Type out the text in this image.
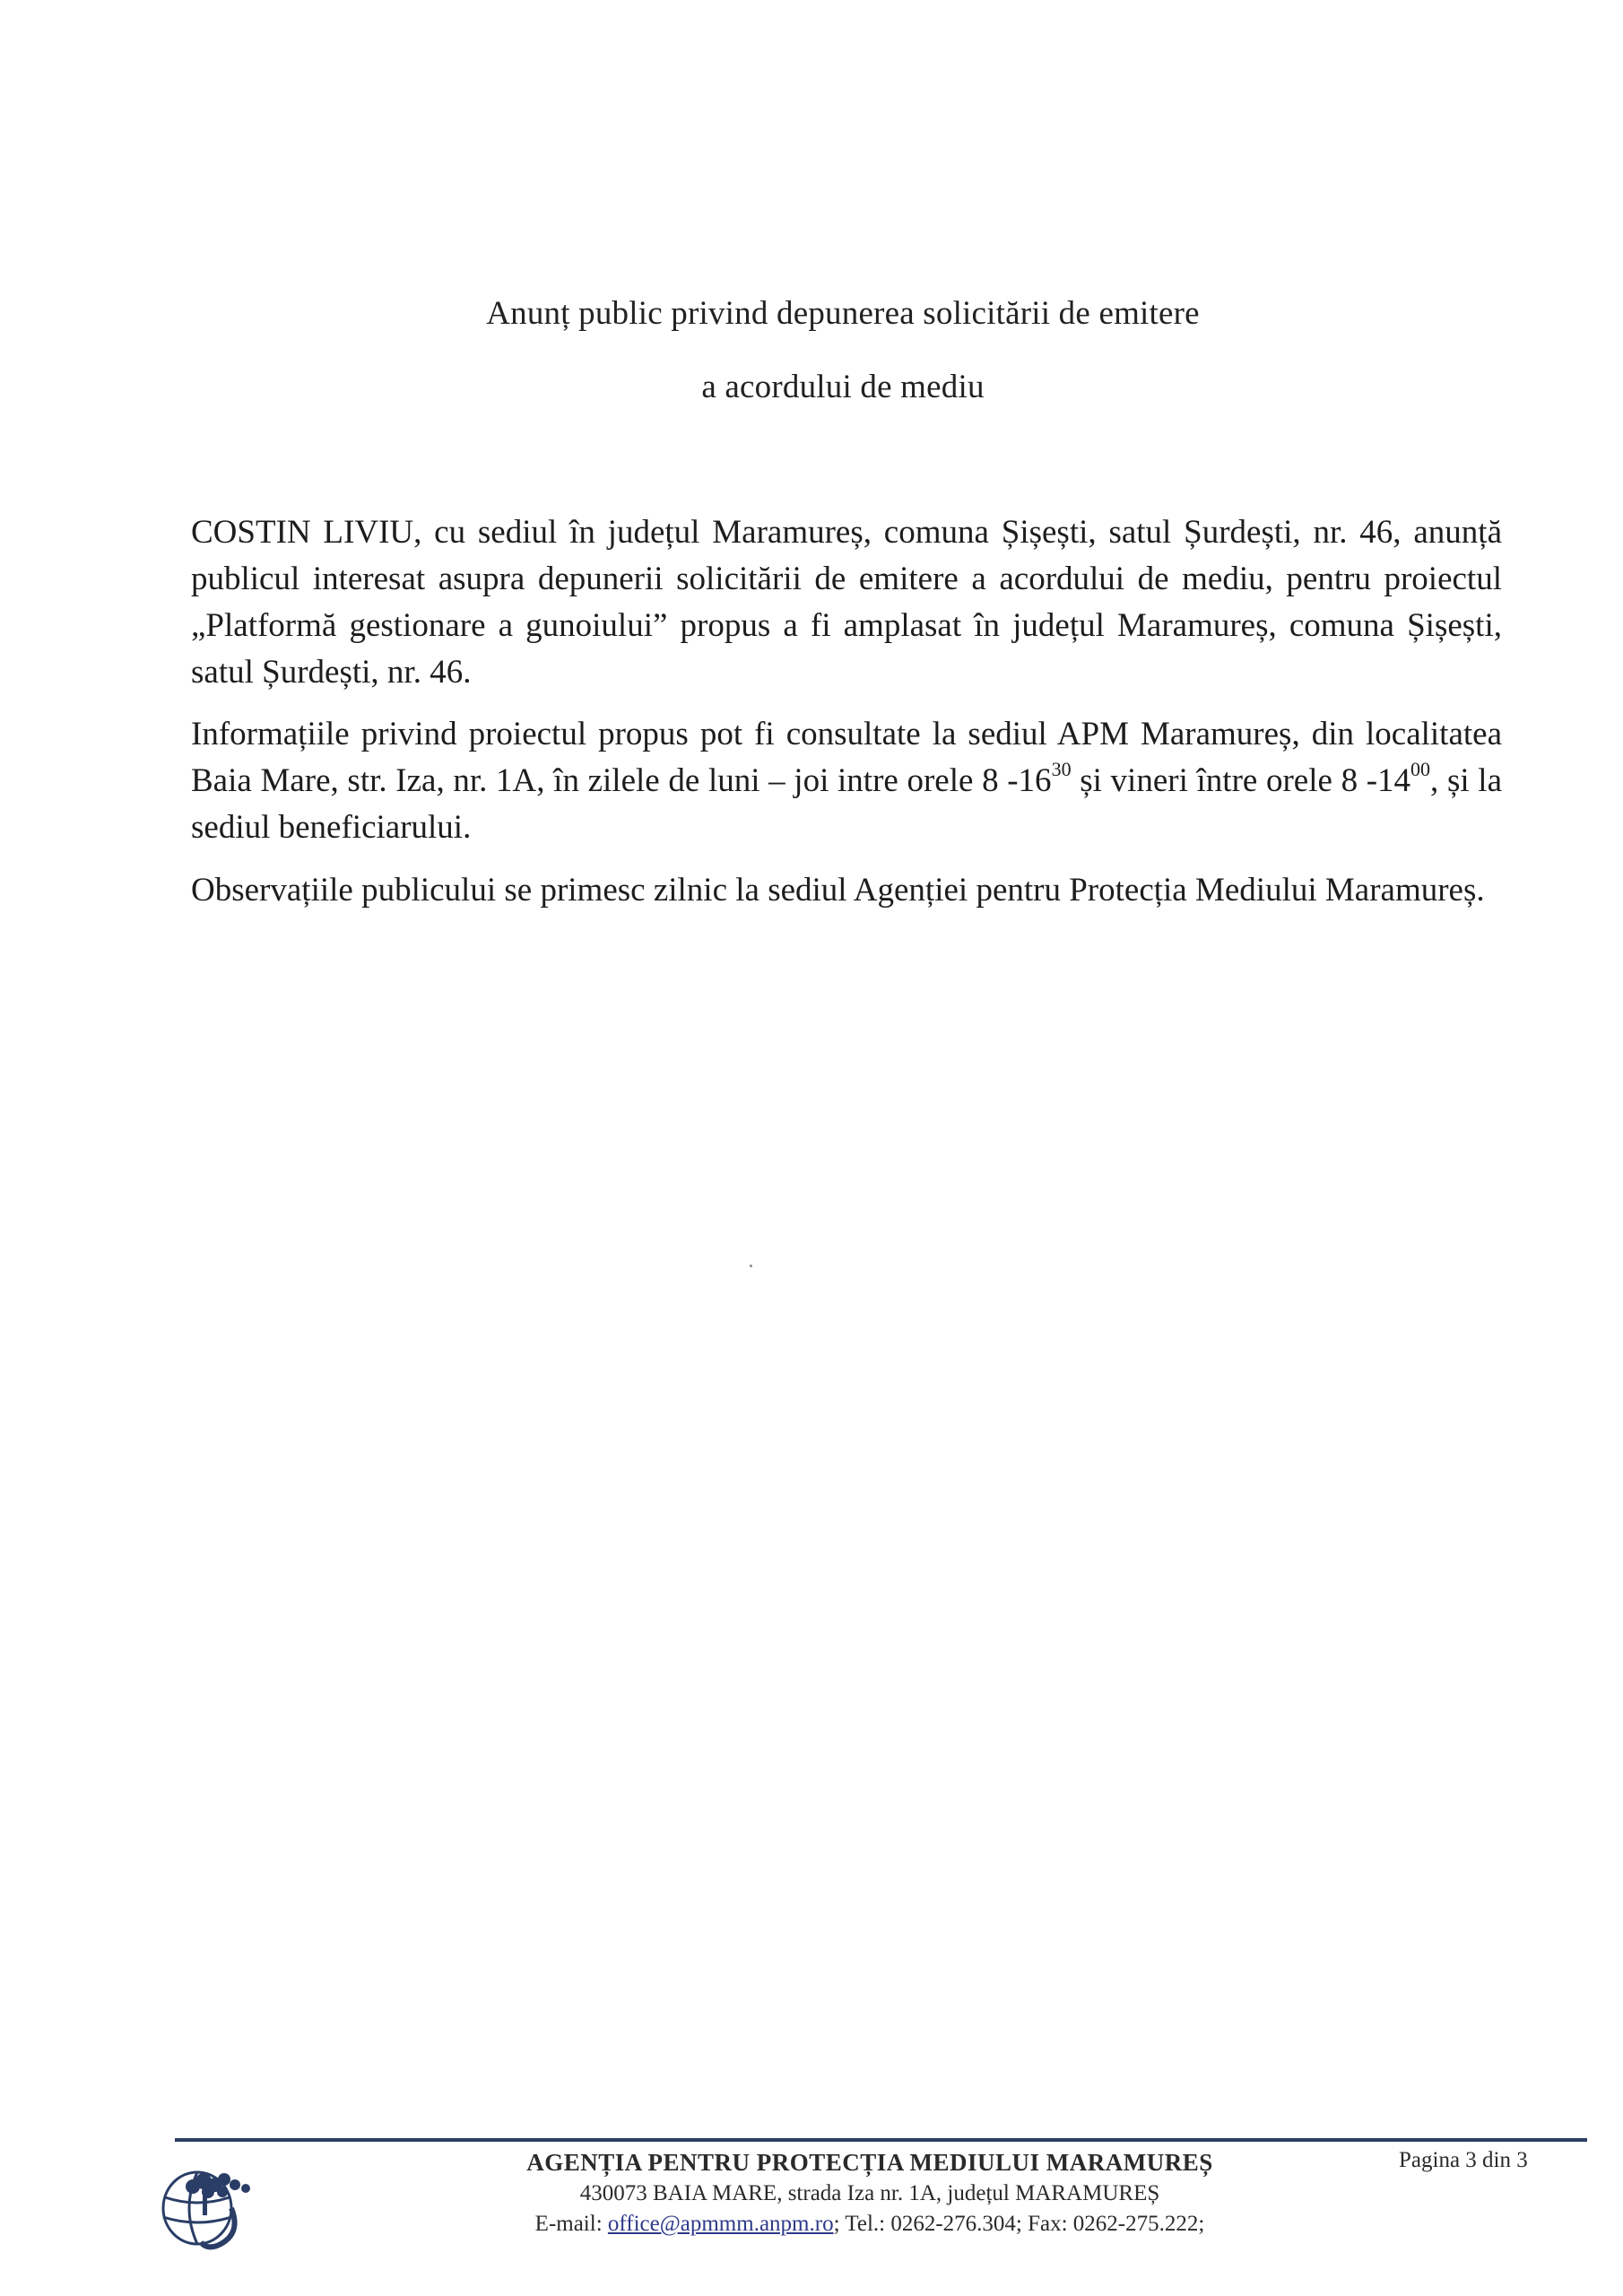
Anunț public privind depunerea solicitării de emitere
a acordului de mediu
COSTIN LIVIU, cu sediul în județul Maramureș, comuna Șișești, satul Șurdești, nr. 46, anunță publicul interesat asupra depunerii solicitării de emitere a acordului de mediu, pentru proiectul „Platformă gestionare a gunoiului” propus a fi amplasat în județul Maramureș, comuna Șișești, satul Șurdești, nr. 46.
Informațiile privind proiectul propus pot fi consultate la sediul APM Maramureș, din localitatea Baia Mare, str. Iza, nr. 1A, în zilele de luni – joi intre orele 8 $-16^{30}$ și vineri între orele 8 $-14^{00}$, și la sediul beneficiarului.
Observațiile publicului se primesc zilnic la sediul Agenției pentru Protecția Mediului Maramureș.
AGENȚIA PENTRU PROTECȚIA MEDIULUI MARAMUREȘ
430073 BAIA MARE, strada Iza nr. 1A, județul MARAMUREȘ
E-mail: office@apmmm.anpm.ro; Tel.: 0262-276.304; Fax: 0262-275.222;
Pagina 3 din 3
